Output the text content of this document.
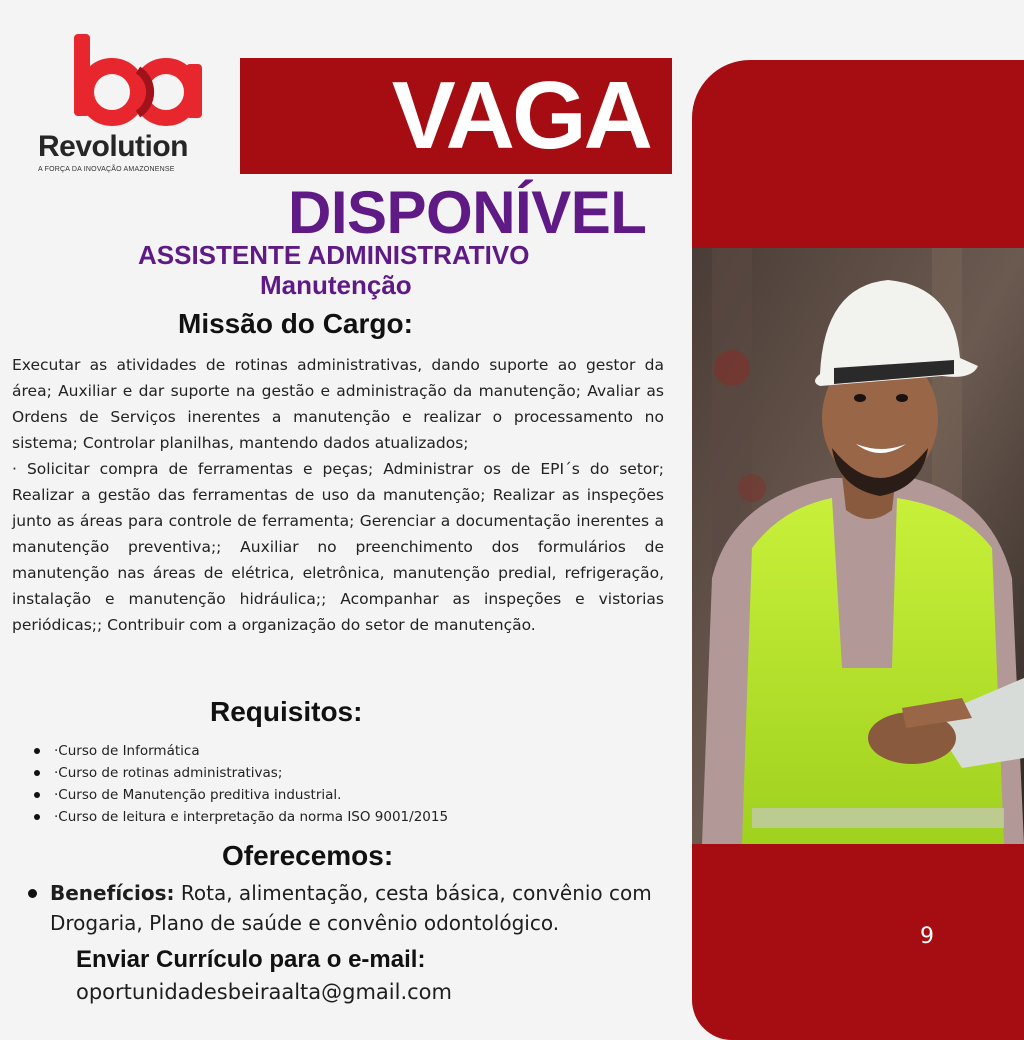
Revolution
A FORÇA DA INOVAÇÃO AMAZONENSE
VAGA
DISPONÍVEL
ASSISTENTE ADMINISTRATIVO
Manutenção
Missão do Cargo:

Executar as atividades de rotinas administrativas, dando suporte ao gestor da área; Auxiliar e dar suporte na gestão e administração da manutenção; Avaliar as Ordens de Serviços inerentes a manutenção e realizar o processamento no sistema; Controlar planilhas, mantendo dados atualizados;

· Solicitar compra de ferramentas e peças; Administrar os de EPI´s do setor; Realizar a gestão das ferramentas de uso da manutenção; Realizar as inspeções junto as áreas para controle de ferramenta; Gerenciar a documentação inerentes a manutenção preventiva;; Auxiliar no preenchimento dos formulários de manutenção nas áreas de elétrica, eletrônica, manutenção predial, refrigeração, instalação e manutenção hidráulica;; Acompanhar as inspeções e vistorias periódicas;; Contribuir com a organização do setor de manutenção.

Requisitos:
·Curso de Informática
·Curso de rotinas administrativas;
·Curso de Manutenção preditiva industrial.
·Curso de leitura e interpretação da norma ISO 9001/2015
Oferecemos:
Benefícios: Rota, alimentação, cesta básica, convênio com Drogaria, Plano de saúde e convênio odontológico.
Enviar Currículo para o e-mail:
oportunidadesbeiraalta@gmail.com
9
